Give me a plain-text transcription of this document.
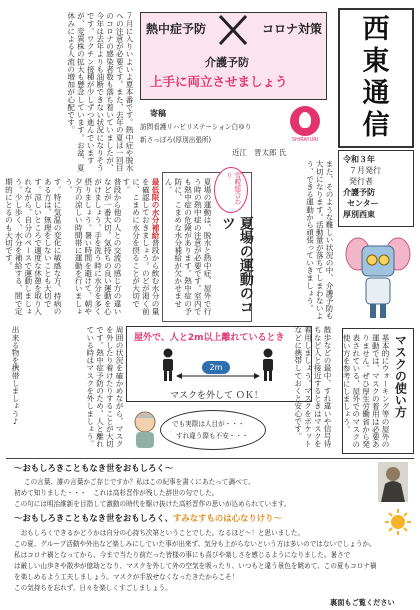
西
東
通
信
令和３年
７月発行
発行者
介護予防
センター
厚別西東
熱中症予防	コロナ対策
介護予防
上手に両立させましょう
寄稿
訪問看護リハビリステーション白ゆり
新さっぽろ(厚別出張所)
近江　晋太郎 氏
SHIRAYURI
７月に入りいよいよ夏本番です。熱中症や脱水への注意が必要です。また、去年の夏は一回目のコロナの感染者数も落ち着いていましたが、今年は去年よりも油断できない状況になりそうです。ワクチン接種が少しずつ進んでいますが、変異株の拡大も懸念しています。お盆、夏休みによる人流の増加が心配です。
また、そのような難しい状況の中、介護予防も大切になります。活動量が落ちてしまわないよう、できる運動から頑張っていきましょう。
雪幌総合わり
夏場の運動のコツ
夏場の運動は、脱水と熱中症、屋外で行う時の熱中症の注意が必要です。室内でも熱中症の危険があります。熱中症の予防に、こまめな水分補給が欠かせません。
最低限の水分補給普段から飲む水分の量を確認しておきましょう。のどが渇く前に、こまめに水分を摂ることが大切です。
普段から他の人との交流の感じ方の違いなどが一番大切。気持ちの良い運動を心がけましょう。手を洗う時に水分を多く摂りましょう。暑い時間を避けて、朝や夕方の涼しい時間帯に運動を行いましょう。
す。特に気温の変化に敏感な方、持病のある方は、無理をしないことも大切です。涼しいところで適度な休憩を取り入れながら、自分のペースで運動しましょう。少し歩く、水分を補給する、間で定期的にとるのも大切です。
屋外で、人と2m以上離れているとき
2m
マスクを外して ＯＫ！
でも実際は人目が・・・
すれ違う際も不安・・・	散歩などの最中、すれ違いや信号待ちなど人と接近するときはマスクを着用しましょう。マスクをポケットなどに携帯しておくと安心です。
周囲の状況を確かめながら、マスクを外したり着けたりすることが大切です。熱中症予防のため、人と離れている時はマスクを外しましょう。
出来る物を携帯しましょう♪	マスクの使い方
基本的にウォーキング等の屋外の運動では、マスクの着用は必要ありません。ぜひ厚生労働省から発表されている、屋外でのマスクの使い方を参考にしましょう。
～おもしろきこともなき世をおもしろく～
この言葉、誰の言葉かご存じですか？私はこの紀事を書くにあたって調べて、
初めて知りました・・・　これは高杉晋作が残した辞世の句でした。
この句には明治維新を目指して激動の時代を駆け抜けた高杉晋作の思いが込められています。
～おもしろきこともなき世をおもしろく、すみなすものは心なりけり～
　おもしろくできるかどうかは自分の心持ち次第ということでした。なるほど～！と思いました。
この夏、グループ活動や外出など楽しみにしていた事が出来ず、気分も上がらないという方は多いのではないでしょうか。
私はコロナ禍となってから、今まで当たり前だった皆様の事にも喜びや楽しさを感じるようになりました。暑さで
は厳しい山歩きや散歩が億劫となり、マスクを外して外の空気を吸ったり、いつもと違う景色を眺めて、この夏もコロナ禍
を楽しめるよう工夫しましょう。マスクが手放せなくなったきたからこそ！
この気持ちを忘れず、日々を楽しくすごしましょう。
裏面もご覧ください
